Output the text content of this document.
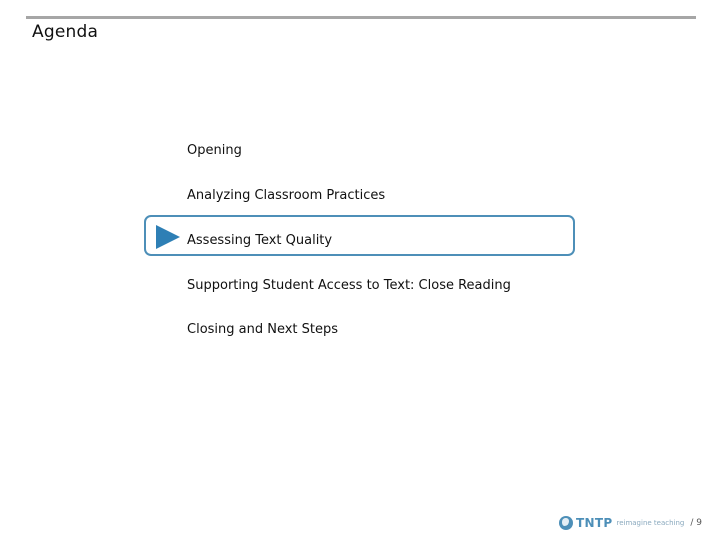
Agenda
Opening
Analyzing Classroom Practices
Assessing Text Quality
Supporting Student Access to Text: Close Reading
Closing and Next Steps
TNTP reimagine teaching / 9
